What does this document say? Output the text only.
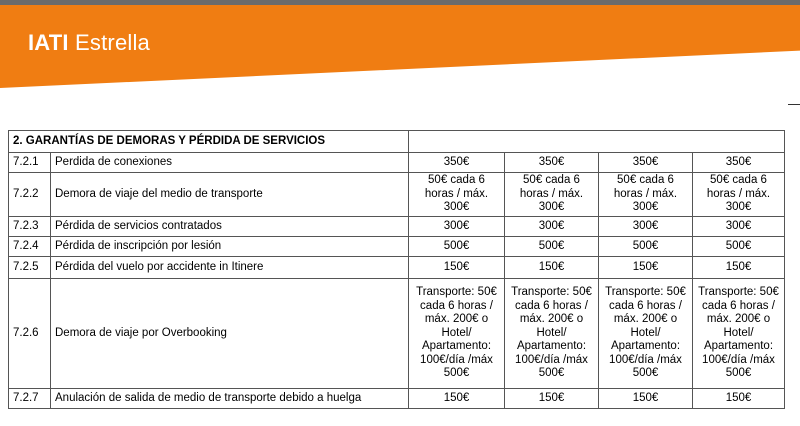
IATI Estrella
2. GARANTÍAS DE DEMORAS Y PÉRDIDA DE SERVICIOS					
7.2.1	Perdida de conexiones	350€	350€	350€	350€
7.2.2	Demora de viaje del medio de transporte	50€ cada 6 horas / máx. 300€	50€ cada 6 horas / máx. 300€	50€ cada 6 horas / máx. 300€	50€ cada 6 horas / máx. 300€
7.2.3	Pérdida de servicios contratados	300€	300€	300€	300€
7.2.4	Pérdida de inscripción por lesión	500€	500€	500€	500€
7.2.5	Pérdida del vuelo por accidente in Itinere	150€	150€	150€	150€
7.2.6	Demora de viaje por Overbooking	Transporte: 50€ cada 6 horas / máx. 200€ o Hotel/ Apartamento: 100€/día /máx 500€	Transporte: 50€ cada 6 horas / máx. 200€ o Hotel/ Apartamento: 100€/día /máx 500€	Transporte: 50€ cada 6 horas / máx. 200€ o Hotel/ Apartamento: 100€/día /máx 500€	Transporte: 50€ cada 6 horas / máx. 200€ o Hotel/ Apartamento: 100€/día /máx 500€
7.2.7	Anulación de salida de medio de transporte debido a huelga	150€	150€	150€	150€
